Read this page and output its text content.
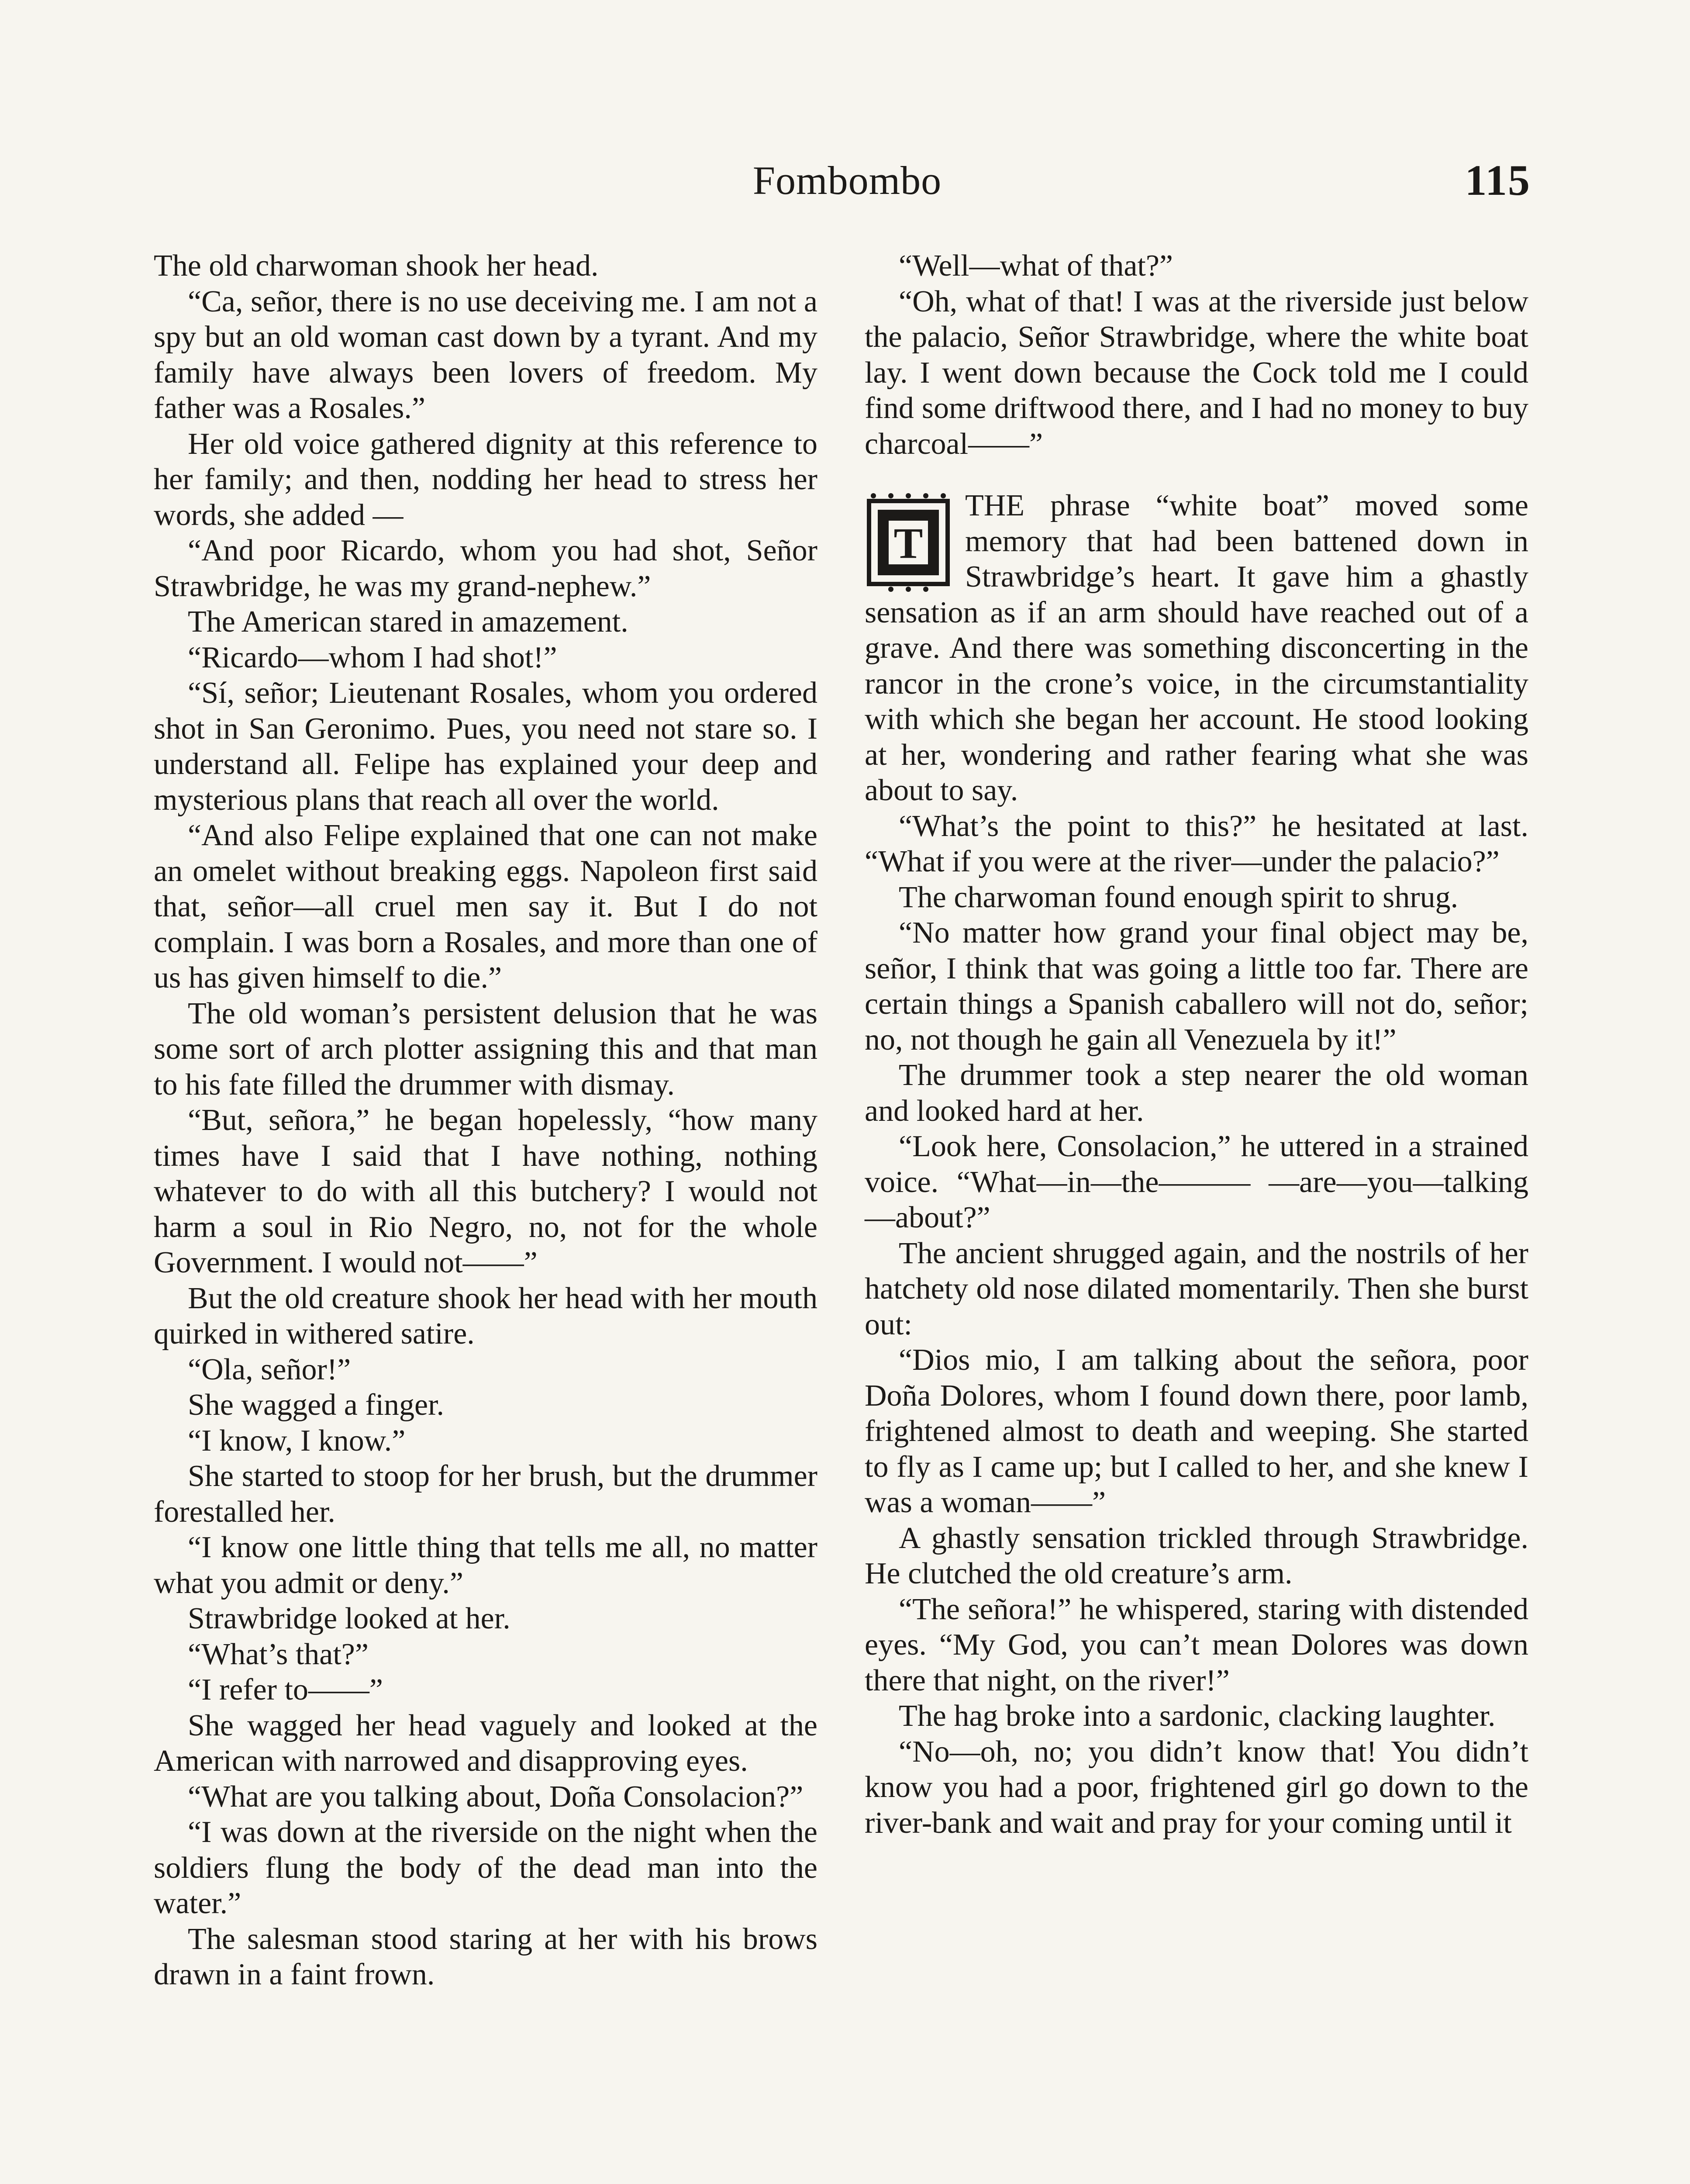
Fombombo	115

The old charwoman shook her head.

“Ca, señor, there is no use deceiving me. I am not a spy but an old woman cast down by a tyrant. And my family have always been lovers of freedom. My father was a Rosales.”

Her old voice gathered dignity at this reference to her family; and then, nodding her head to stress her words, she added —

“And poor Ricardo, whom you had shot, Señor Strawbridge, he was my grand-nephew.”

The American stared in amazement.

“Ricardo—whom I had shot!”

“Sí, señor; Lieutenant Rosales, whom you ordered shot in San Geronimo. Pues, you need not stare so. I understand all. Felipe has explained your deep and mysterious plans that reach all over the world.

“And also Felipe explained that one can not make an omelet without breaking eggs. Napoleon first said that, señor—all cruel men say it. But I do not complain. I was born a Rosales, and more than one of us has given himself to die.”

The old woman’s persistent delusion that he was some sort of arch plotter assigning this and that man to his fate filled the drummer with dismay.

“But, señora,” he began hopelessly, “how many times have I said that I have nothing, nothing whatever to do with all this butchery? I would not harm a soul in Rio Negro, no, not for the whole Government. I would not——”

But the old creature shook her head with her mouth quirked in withered satire.

“Ola, señor!”

She wagged a finger.

“I know, I know.”

She started to stoop for her brush, but the drummer forestalled her.

“I know one little thing that tells me all, no matter what you admit or deny.”

Strawbridge looked at her.

“What’s that?”

“I refer to——”

She wagged her head vaguely and looked at the American with narrowed and disapproving eyes.

“What are you talking about, Doña Consolacion?”

“I was down at the riverside on the night when the soldiers flung the body of the dead man into the water.”

The salesman stood staring at her with his brows drawn in a faint frown.

“Well—what of that?”

“Oh, what of that! I was at the riverside just below the palacio, Señor Strawbridge, where the white boat lay. I went down because the Cock told me I could find some driftwood there, and I had no money to buy charcoal——”

T

THE phrase “white boat” moved some memory that had been battened down in Strawbridge’s heart. It gave him a ghastly sensation as if an arm should have reached out of a grave. And there was something disconcerting in the rancor in the crone’s voice, in the circumstantiality with which she began her account. He stood looking at her, wondering and rather fearing what she was about to say.

“What’s the point to this?” he hesitated at last. “What if you were at the river—under the palacio?”

The charwoman found enough spirit to shrug.

“No matter how grand your final object may be, señor, I think that was going a little too far. There are certain things a Spanish caballero will not do, señor; no, not though he gain all Venezuela by it!”

The drummer took a step nearer the old woman and looked hard at her.

“Look here, Consolacion,” he uttered in a strained voice. “What—in—the——— —are—you—talking—about?”

The ancient shrugged again, and the nostrils of her hatchety old nose dilated momentarily. Then she burst out:

“Dios mio, I am talking about the señora, poor Doña Dolores, whom I found down there, poor lamb, frightened almost to death and weeping. She started to fly as I came up; but I called to her, and she knew I was a woman——”

A ghastly sensation trickled through Strawbridge. He clutched the old creature’s arm.

“The señora!” he whispered, staring with distended eyes. “My God, you can’t mean Dolores was down there that night, on the river!”

The hag broke into a sardonic, clacking laughter.

“No—oh, no; you didn’t know that! You didn’t know you had a poor, frightened girl go down to the river-bank and wait and pray for your coming until it
